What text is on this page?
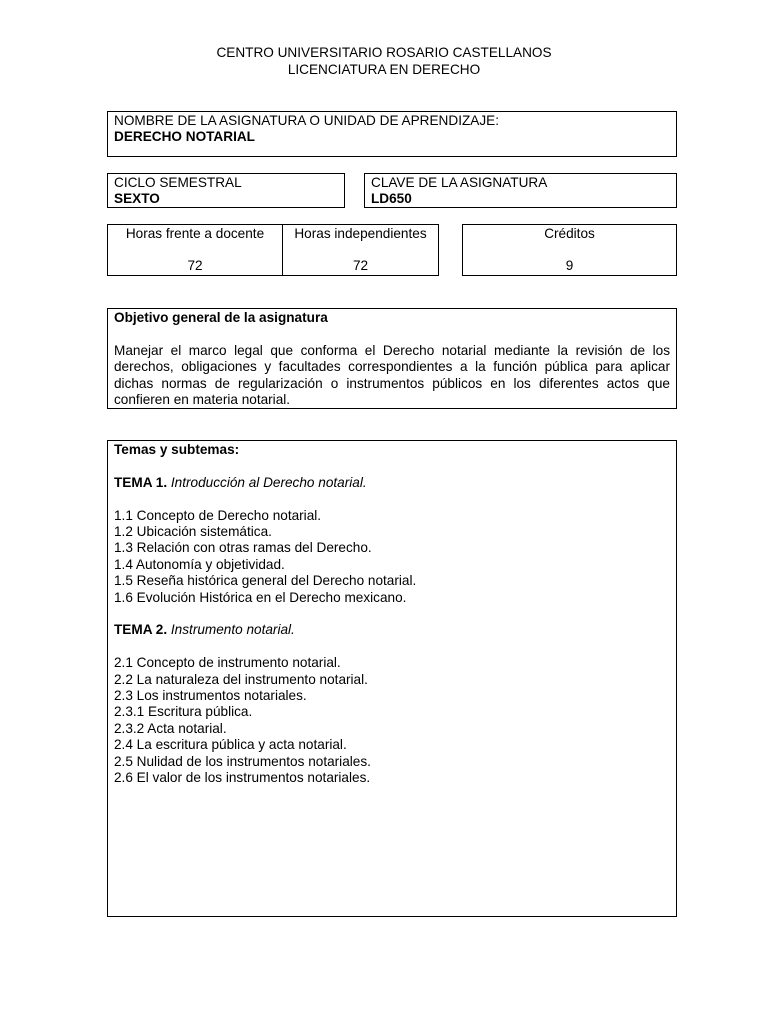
CENTRO UNIVERSITARIO ROSARIO CASTELLANOS
LICENCIATURA EN DERECHO
NOMBRE DE LA ASIGNATURA O UNIDAD DE APRENDIZAJE:
DERECHO NOTARIAL
CICLO SEMESTRAL
SEXTO
CLAVE DE LA ASIGNATURA
LD650
Horas frente a docente
72
Horas independientes
72
Créditos
9
Objetivo general de la asignatura
Manejar el marco legal que conforma el Derecho notarial mediante la revisión de los derechos, obligaciones y facultades correspondientes a la función pública para aplicar dichas normas de regularización o instrumentos públicos en los diferentes actos que confieren en materia notarial.
Temas y subtemas:
TEMA 1. Introducción al Derecho notarial.
1.1 Concepto de Derecho notarial.
1.2 Ubicación sistemática.
1.3 Relación con otras ramas del Derecho.
1.4 Autonomía y objetividad.
1.5 Reseña histórica general del Derecho notarial.
1.6 Evolución Histórica en el Derecho mexicano.
TEMA 2. Instrumento notarial.
2.1 Concepto de instrumento notarial.
2.2 La naturaleza del instrumento notarial.
2.3 Los instrumentos notariales.
2.3.1 Escritura pública.
2.3.2 Acta notarial.
2.4 La escritura pública y acta notarial.
2.5 Nulidad de los instrumentos notariales.
2.6 El valor de los instrumentos notariales.
